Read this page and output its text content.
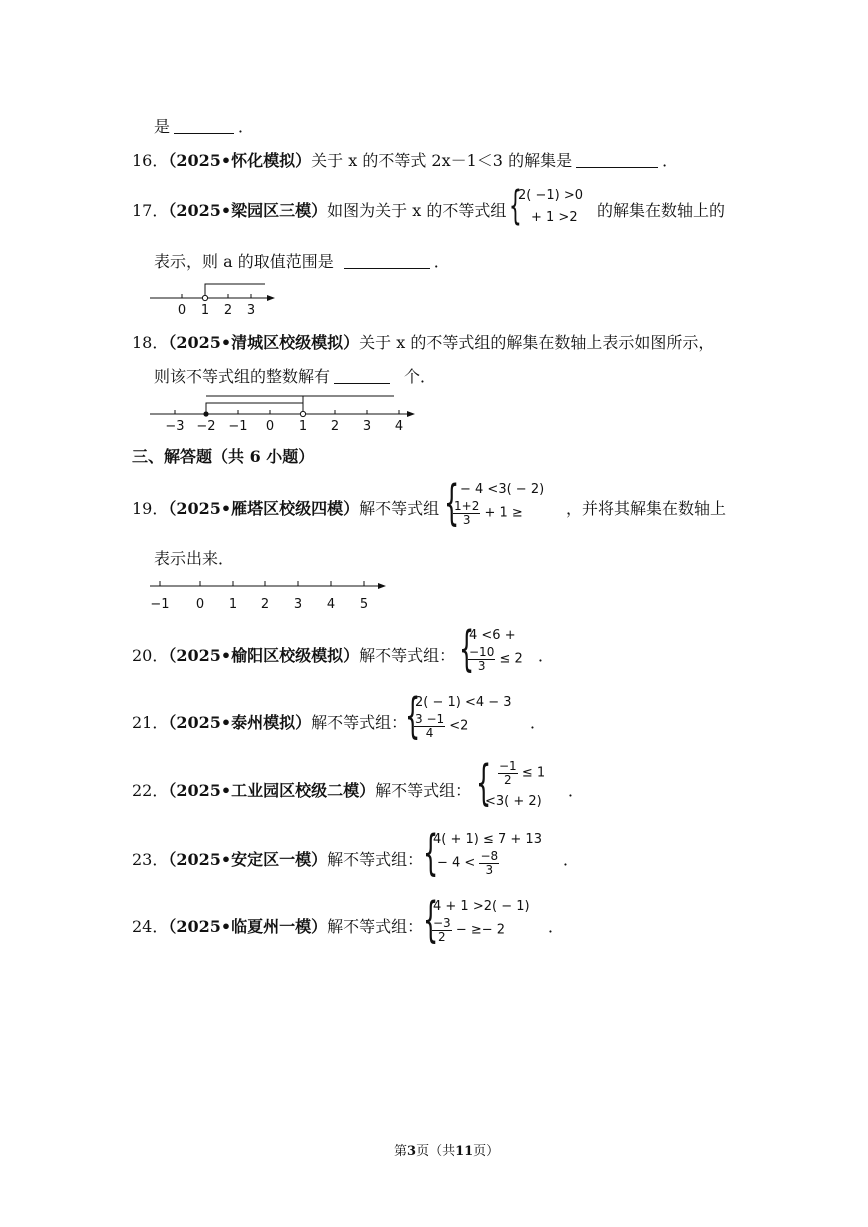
是	．
16．（2025•怀化模拟）关于 x 的不等式 2x－1＜3 的解集是	．
17．（2025•梁园区三模）如图为关于 x 的不等式组 {
2( −1) >0
+ 1 >2 的解集在数轴上的
表示，则 a 的取值范围是	．
0 1 2 3
18．（2025•清城区校级模拟）关于 x 的不等式组的解集在数轴上表示如图所示，
则该不等式组的整数解有	个．
−3 −2 −1 0 1 2 3 4
三、解答题（共 6 小题）
19．（2025•雁塔区校级四模）解不等式组 { − 4 <3( − 2)
$\frac{1+2}{3} + 1$ ≥	，并将其解集在数轴上
表示出来．
−1 0 1 2 3 4 5
20．（2025•榆阳区校级模拟）解不等式组： {
4 <6 +
$\frac{-10}{3} \le 2$ ．
21．（2025•泰州模拟）解不等式组：
{
2( − 1) <4 − 3
$\frac{3 -1}{4} <2$	．
22．（2025•工业园区校级二模）解不等式组： { $\frac{-1}{2} \le 1$
<3( + 2)
．
23．（2025•安定区一模）解不等式组： {
4( + 1) ≤ 7 + 13
− $4 < \frac{-8}{3}$	．
24．（2025•临夏州一模）解不等式组： {
4 + 1 >2( − 1)
$\frac{-3}{2}$ − ≥− 2	．
第3页（共11页）
